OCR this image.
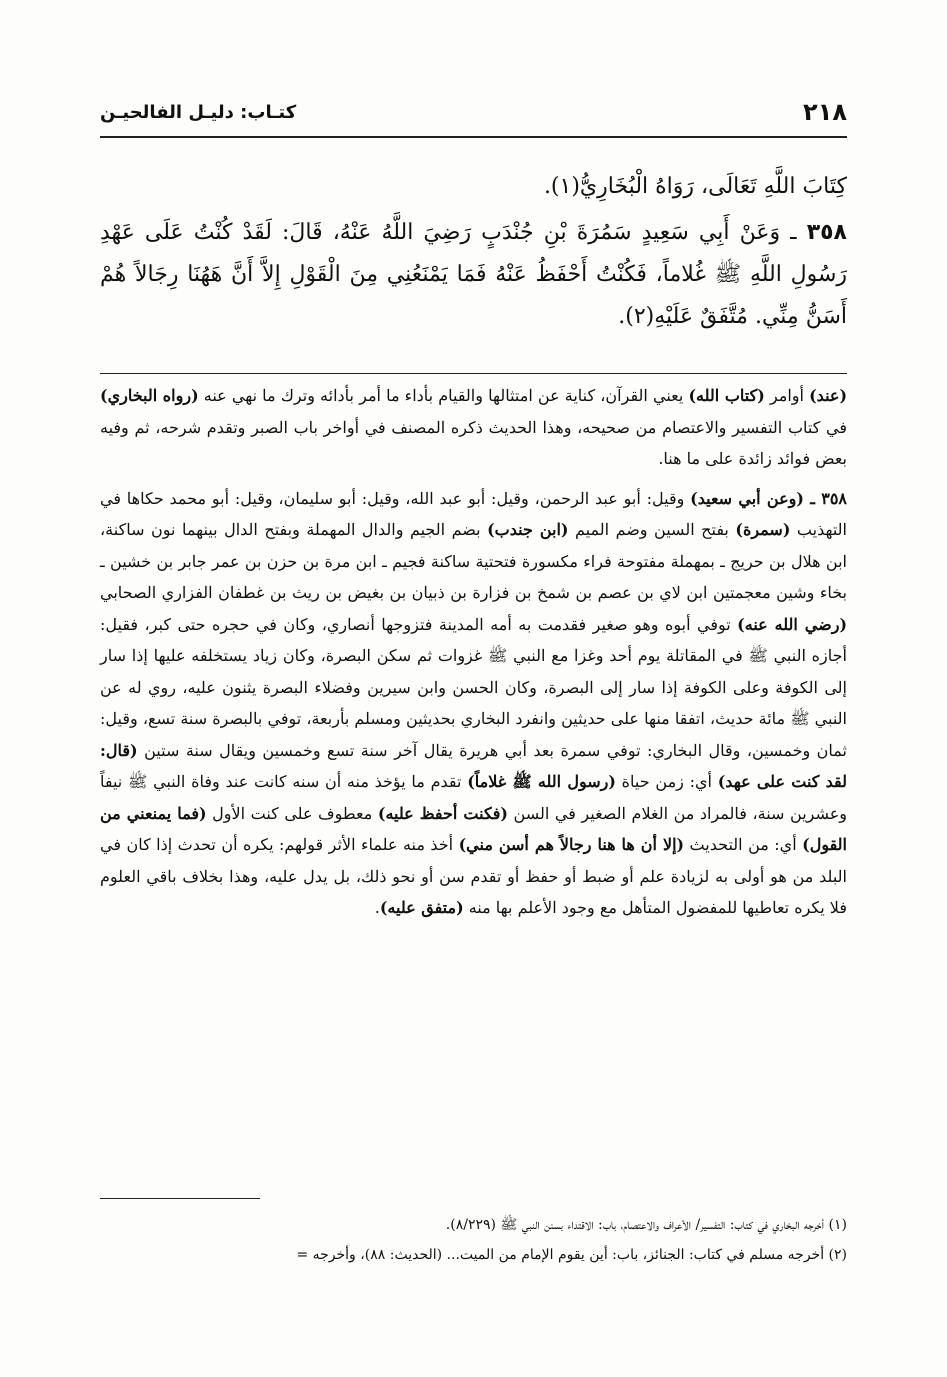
٢١٨
كتـاب: دليـل الفالحيـن

كِتَابَ اللَّهِ تَعَالَى، رَوَاهُ الْبُخَارِيُّ(١).

٣٥٨ ـ وَعَنْ أَبِي سَعِيدٍ سَمُرَةَ بْنِ جُنْدَبٍ رَضِيَ اللَّهُ عَنْهُ، قَالَ: لَقَدْ كُنْتُ عَلَى عَهْدِ رَسُولِ اللَّهِ ﷺ غُلاماً، فَكُنْتُ أَحْفَظُ عَنْهُ فَمَا يَمْنَعُنِي مِنَ الْقَوْلِ إِلاَّ أَنَّ هَهُنَا رِجَالاً هُمْ أَسَنُّ مِنِّي. مُتَّفَقٌ عَلَيْهِ(٢).

(عند) أوامر (كتاب الله) يعني القرآن، كناية عن امتثالها والقيام بأداء ما أمر بأدائه وترك ما نهي عنه (رواه البخاري) في كتاب التفسير والاعتصام من صحيحه، وهذا الحديث ذكره المصنف في أواخر باب الصبر وتقدم شرحه، ثم وفيه بعض فوائد زائدة على ما هنا.

٣٥٨ ـ (وعن أبي سعيد) وقيل: أبو عبد الرحمن، وقيل: أبو عبد الله، وقيل: أبو سليمان، وقيل: أبو محمد حكاها في التهذيب (سمرة) بفتح السين وضم الميم (ابن جندب) بضم الجيم والدال المهملة وبفتح الدال بينهما نون ساكنة، ابن هلال بن حريج ـ بمهملة مفتوحة فراء مكسورة فتحتية ساكنة فجيم ـ ابن مرة بن حزن بن عمر جابر بن خشين ـ بخاء وشين معجمتين ابن لاي بن عصم بن شمخ بن فزارة بن ذبيان بن بغيض بن ريث بن غطفان الفزاري الصحابي (رضي الله عنه) توفي أبوه وهو صغير فقدمت به أمه المدينة فتزوجها أنصاري، وكان في حجره حتى كبر، فقيل: أجازه النبي ﷺ في المقاتلة يوم أحد وغزا مع النبي ﷺ غزوات ثم سكن البصرة، وكان زياد يستخلفه عليها إذا سار إلى الكوفة وعلى الكوفة إذا سار إلى البصرة، وكان الحسن وابن سيرين وفضلاء البصرة يثنون عليه، روي له عن النبي ﷺ مائة حديث، اتفقا منها على حديثين وانفرد البخاري بحديثين ومسلم بأربعة، توفي بالبصرة سنة تسع، وقيل: ثمان وخمسين، وقال البخاري: توفي سمرة بعد أبي هريرة يقال آخر سنة تسع وخمسين ويقال سنة ستين (قال: لقد كنت على عهد) أي: زمن حياة (رسول الله ﷺ غلاماً) تقدم ما يؤخذ منه أن سنه كانت عند وفاة النبي ﷺ نيفاً وعشرين سنة، فالمراد من الغلام الصغير في السن (فكنت أحفظ عليه) معطوف على كنت الأول (فما يمنعني من القول) أي: من التحديث (إلا أن ها هنا رجالاً هم أسن مني) أخذ منه علماء الأثر قولهم: يكره أن تحدث إذا كان في البلد من هو أولى به لزيادة علم أو ضبط أو حفظ أو تقدم سن أو نحو ذلك، بل يدل عليه، وهذا بخلاف باقي العلوم فلا يكره تعاطيها للمفضول المتأهل مع وجود الأعلم بها منه (متفق عليه).

(١) أخرجه البخاري في كتاب: التفسير/ الأعراف والاعتصام، باب: الاقتداء بسنن النبي ﷺ (٨/٢٢٩).

(٢) أخرجه مسلم في كتاب: الجنائز، باب: أين يقوم الإمام من الميت... (الحديث: ٨٨)، وأخرجه =
